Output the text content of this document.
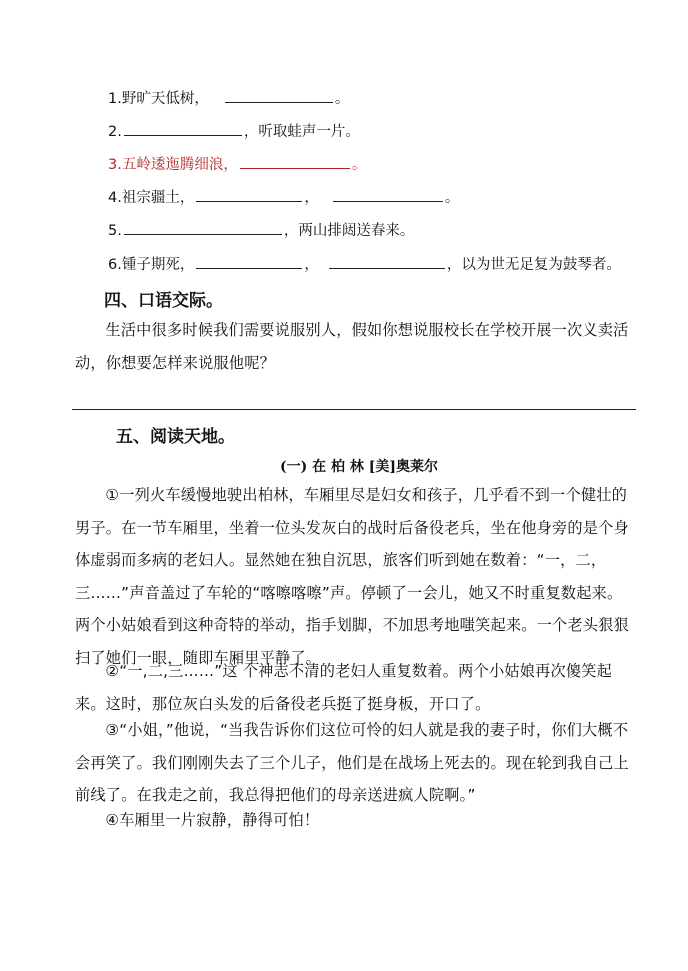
1.野旷天低树，	。
2.	，听取蛙声一片。
3.五岭逶迤腾细浪，	。
4.祖宗疆土，	，	。
5.	，两山排闼送春来。
6.锺子期死，	，	，以为世无足复为鼓琴者。
四、口语交际。
生活中很多时候我们需要说服别人，假如你想说服校长在学校开展一次义卖活动，你想要怎样来说服他呢？
五、阅读天地。
(一) 在 柏 林 [美]奥莱尔
①一列火车缓慢地驶出柏林，车厢里尽是妇女和孩子，几乎看不到一个健壮的男子。在一节车厢里，坐着一位头发灰白的战时后备役老兵，坐在他身旁的是个身体虚弱而多病的老妇人。显然她在独自沉思，旅客们听到她在数着：“一，二，三……”声音盖过了车轮的“喀嚓喀嚓”声。停顿了一会儿，她又不时重复数起来。两个小姑娘看到这种奇特的举动，指手划脚，不加思考地嗤笑起来。一个老头狠狠扫了她们一眼，随即车厢里平静了。
②“一,二,三……”这 个神志不清的老妇人重复数着。两个小姑娘再次傻笑起来。这时，那位灰白头发的后备役老兵挺了挺身板，开口了。
③“小姐，”他说，“当我告诉你们这位可怜的妇人就是我的妻子时，你们大概不会再笑了。我们刚刚失去了三个儿子，他们是在战场上死去的。现在轮到我自己上前线了。在我走之前，我总得把他们的母亲送进疯人院啊。”
④车厢里一片寂静，静得可怕！
